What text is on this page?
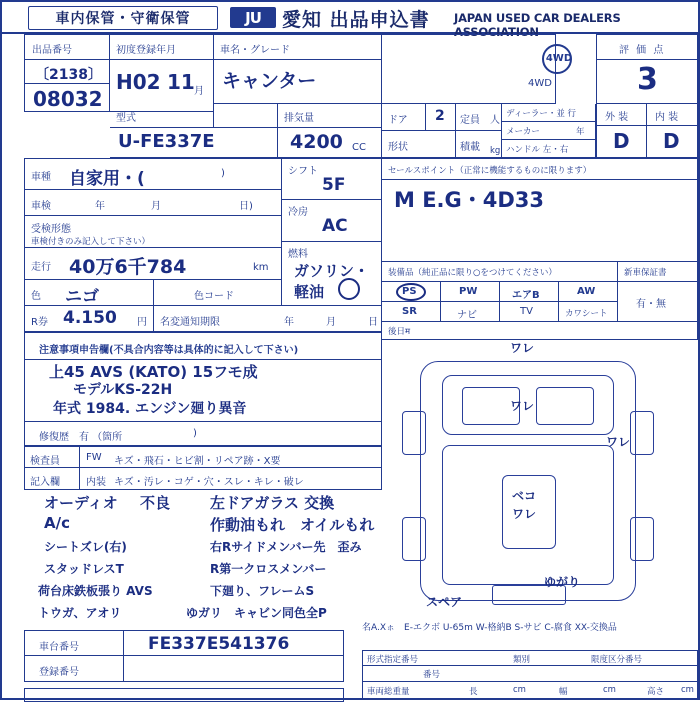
車内保管・守衛保管	JU	愛知 出品申込書 JAPAN USED CAR DEALERS ASSOCIATION
出品番号
〔2138〕
08032
初度登録年月
H02 11 月
車名・グレード
キャンター
4WD
4WD
評 価 点
3
型式
U-FE337E
排気量
4200 CC
ドア 2
形状
定員 人
積載 kg
ディーラー・並 行
メーカー	年
ハンドル 左・右
外 装	内 装
D D
車種 自家用・(	)
車検	年	月	日)
受検形態
車検付きのみ記入して下さい）
走行 40万6千784	km
色 ニゴ	色コード
R券 4.150 円 名変通知期限	年	月	日
シフト
5F
冷房
AC
燃料
ガソリン・軽油
セールスポイント（正常に機能するものに限ります）
M E.G・4D33
装備品（純正品に限り○をつけてください）	新車保証書
PS	PW	エアB	AW
SR	ナビ	TV	カワシート
有・無
後日म
注意事項申告欄(不具合内容等は具体的に記入して下さい)
上45 AVS (KATO) 15フモ成
モデルKS-22H
年式 1984. エンジン廻り異音
修復歴　有 （箇所	)
検査員
記入欄
FW キズ・飛石・ヒビ割・リペア跡・X要
内装 キズ・汚レ・コゲ・穴・スレ・キレ・破レ
オーディオ 不良	左ドアガラス 交換
A/c	作動油もれ　オイルもれ
シートズレ(右)	右Rサイドメンバー先　歪み
スタッドレスT	R第一クロスメンバー
荷台床鉄板張り AVS	下廻り、フレームS
トウガ、アオリ	ゆガリ　キャビン同色全P
ワレ
ワレ
ワレ
ベコ
ワレ
ゆがり
スペア
車台番号	FE337E541376
登録番号
名A.Xㇹ　E-エクボ U-65m W-格納B S-サビ C-腐食 XX-交換品
形式指定番号	類別	限度区分番号
番号
車両総重量	長	cm	幅	cm	高さ cm
